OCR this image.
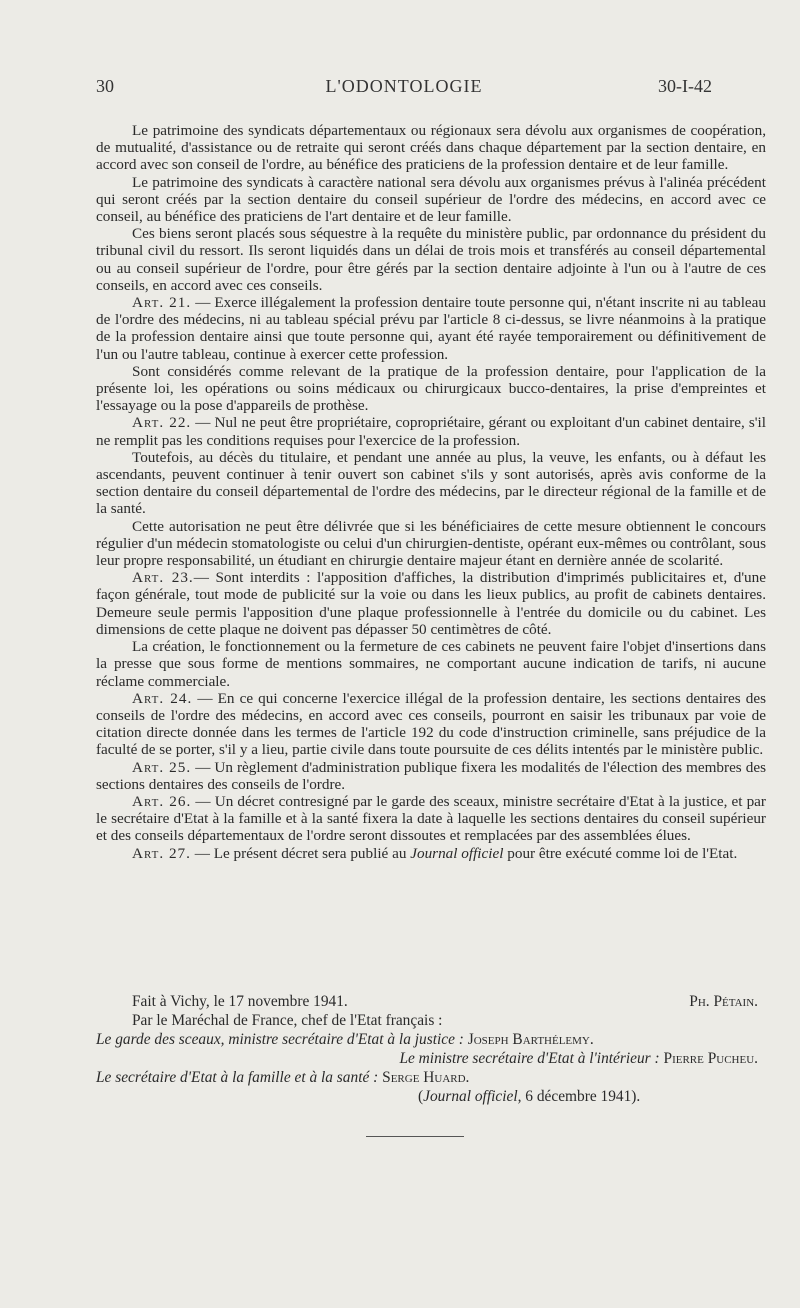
30	L'ODONTOLOGIE	30-I-42

Le patrimoine des syndicats départementaux ou régionaux sera dévolu aux organismes de coopération, de mutualité, d'assistance ou de retraite qui seront créés dans chaque département par la section dentaire, en accord avec son conseil de l'ordre, au bénéfice des praticiens de la profession dentaire et de leur famille.

Le patrimoine des syndicats à caractère national sera dévolu aux organismes prévus à l'alinéa précédent qui seront créés par la section dentaire du conseil supérieur de l'ordre des médecins, en accord avec ce conseil, au bénéfice des praticiens de l'art dentaire et de leur famille.

Ces biens seront placés sous séquestre à la requête du ministère public, par ordonnance du président du tribunal civil du ressort. Ils seront liquidés dans un délai de trois mois et transférés au conseil départemental ou au conseil supérieur de l'ordre, pour être gérés par la section dentaire adjointe à l'un ou à l'autre de ces conseils, en accord avec ces conseils.

Art. 21. — Exerce illégalement la profession dentaire toute personne qui, n'étant inscrite ni au tableau de l'ordre des médecins, ni au tableau spécial prévu par l'article 8 ci-dessus, se livre néanmoins à la pratique de la profession dentaire ainsi que toute personne qui, ayant été rayée temporairement ou définitivement de l'un ou l'autre tableau, continue à exercer cette profession.

Sont considérés comme relevant de la pratique de la profession dentaire, pour l'application de la présente loi, les opérations ou soins médicaux ou chirurgicaux bucco-dentaires, la prise d'empreintes et l'essayage ou la pose d'appareils de prothèse.

Art. 22. — Nul ne peut être propriétaire, copropriétaire, gérant ou exploitant d'un cabinet dentaire, s'il ne remplit pas les conditions requises pour l'exercice de la profession.

Toutefois, au décès du titulaire, et pendant une année au plus, la veuve, les enfants, ou à défaut les ascendants, peuvent continuer à tenir ouvert son cabinet s'ils y sont autorisés, après avis conforme de la section dentaire du conseil départemental de l'ordre des médecins, par le directeur régional de la famille et de la santé.

Cette autorisation ne peut être délivrée que si les bénéficiaires de cette mesure obtiennent le concours régulier d'un médecin stomatologiste ou celui d'un chirurgien-dentiste, opérant eux-mêmes ou contrôlant, sous leur propre responsabilité, un étudiant en chirurgie dentaire majeur étant en dernière année de scolarité.

Art. 23.— Sont interdits : l'apposition d'affiches, la distribution d'imprimés publicitaires et, d'une façon générale, tout mode de publicité sur la voie ou dans les lieux publics, au profit de cabinets dentaires. Demeure seule permis l'apposition d'une plaque professionnelle à l'entrée du domicile ou du cabinet. Les dimensions de cette plaque ne doivent pas dépasser 50 centimètres de côté.

La création, le fonctionnement ou la fermeture de ces cabinets ne peuvent faire l'objet d'insertions dans la presse que sous forme de mentions sommaires, ne comportant aucune indication de tarifs, ni aucune réclame commerciale.

Art. 24. — En ce qui concerne l'exercice illégal de la profession dentaire, les sections dentaires des conseils de l'ordre des médecins, en accord avec ces conseils, pourront en saisir les tribunaux par voie de citation directe donnée dans les termes de l'article 192 du code d'instruction criminelle, sans préjudice de la faculté de se porter, s'il y a lieu, partie civile dans toute poursuite de ces délits intentés par le ministère public.

Art. 25. — Un règlement d'administration publique fixera les modalités de l'élection des membres des sections dentaires des conseils de l'ordre.

Art. 26. — Un décret contresigné par le garde des sceaux, ministre secrétaire d'Etat à la justice, et par le secrétaire d'Etat à la famille et à la santé fixera la date à laquelle les sections dentaires du conseil supérieur et des conseils départementaux de l'ordre seront dissoutes et remplacées par des assemblées élues.

Art. 27. — Le présent décret sera publié au Journal officiel pour être exécuté comme loi de l'Etat.

Fait à Vichy, le 17 novembre 1941.	Ph. Pétain.
Par le Maréchal de France, chef de l'Etat français :
Le garde des sceaux, ministre secrétaire d'Etat à la justice : Joseph Barthélemy.
Le ministre secrétaire d'Etat à l'intérieur : Pierre Pucheu.
Le secrétaire d'Etat à la famille et à la santé : Serge Huard.
(Journal officiel, 6 décembre 1941).
